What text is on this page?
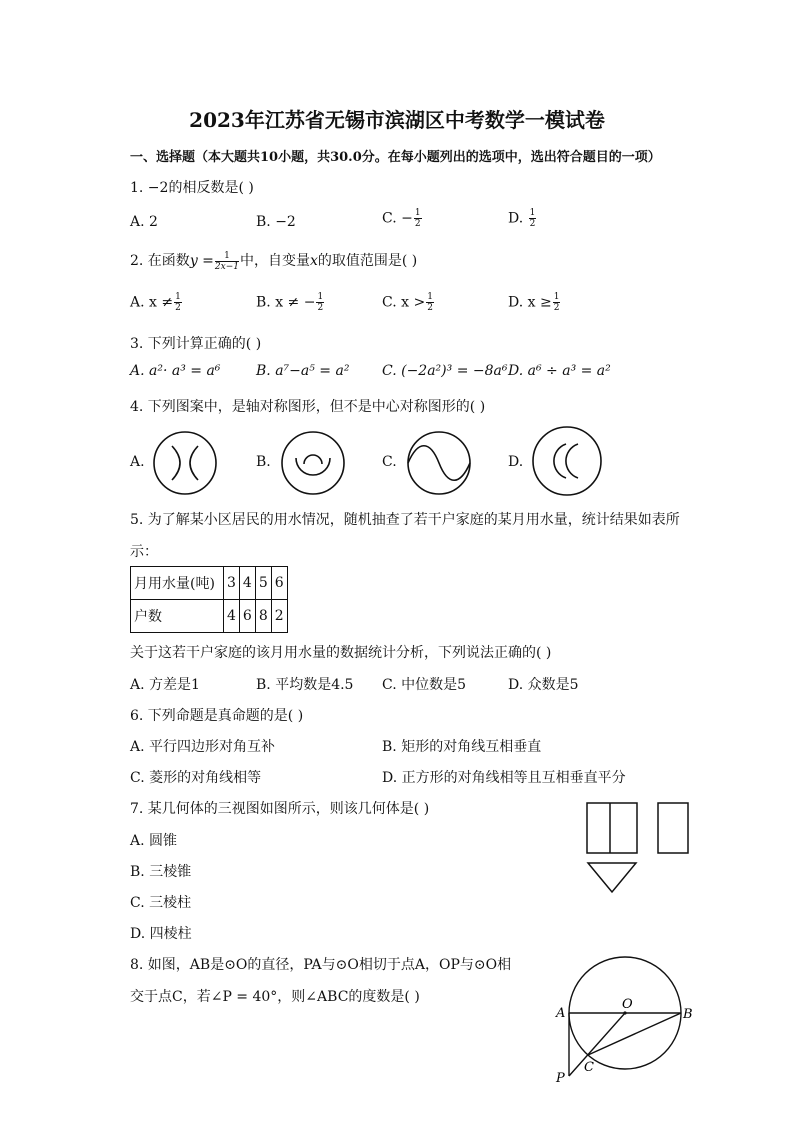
2023年江苏省无锡市滨湖区中考数学一模试卷
一、选择题（本大题共10小题，共30.0分。在每小题列出的选项中，选出符合题目的一项）
1. −2的相反数是( )
A. 2	B. −2	C. − $\frac{1}{2}$	D. $\frac{1}{2}$
2. 在函数$y = \frac{1}{2x-1}$ 中，自变量x的取值范围是( )
A. $x \ne \frac{1}{2}$	B. x ≠ − $\frac{1}{2}$	C. $x > \frac{1}{2}$	D. $x \ge \frac{1}{2}$
3. 下列计算正确的( )
A. a²· a³ = a⁶	B. a⁷−a⁵ = a² C. (−2a²)³ = −8a⁶ D. a⁶ ÷ a³ = a²
4. 下列图案中，是轴对称图形，但不是中心对称图形的( )
A.	B.	C.	D.
5. 为了解某小区居民的用水情况，随机抽查了若干户家庭的某月用水量，统计结果如表所
示：
月用水量(吨)	3	4	5	6
户数	4	6	8	2
关于这若干户家庭的该月用水量的数据统计分析，下列说法正确的( )
A. 方差是1	B. 平均数是4.5 C. 中位数是5	D. 众数是5
6. 下列命题是真命题的是( )
A. 平行四边形对角互补	B. 矩形的对角线互相垂直
C. 菱形的对角线相等	D. 正方形的对角线相等且互相垂直平分
7. 某几何体的三视图如图所示，则该几何体是( )
A. 圆锥
B. 三棱锥
C. 三棱柱
D. 四棱柱
8. 如图，AB是⊙O的直径，PA与⊙O相切于点A，OP与⊙O相
交于点C，若∠P = 40°，则∠ABC的度数是( )	O
A	B
C
P
